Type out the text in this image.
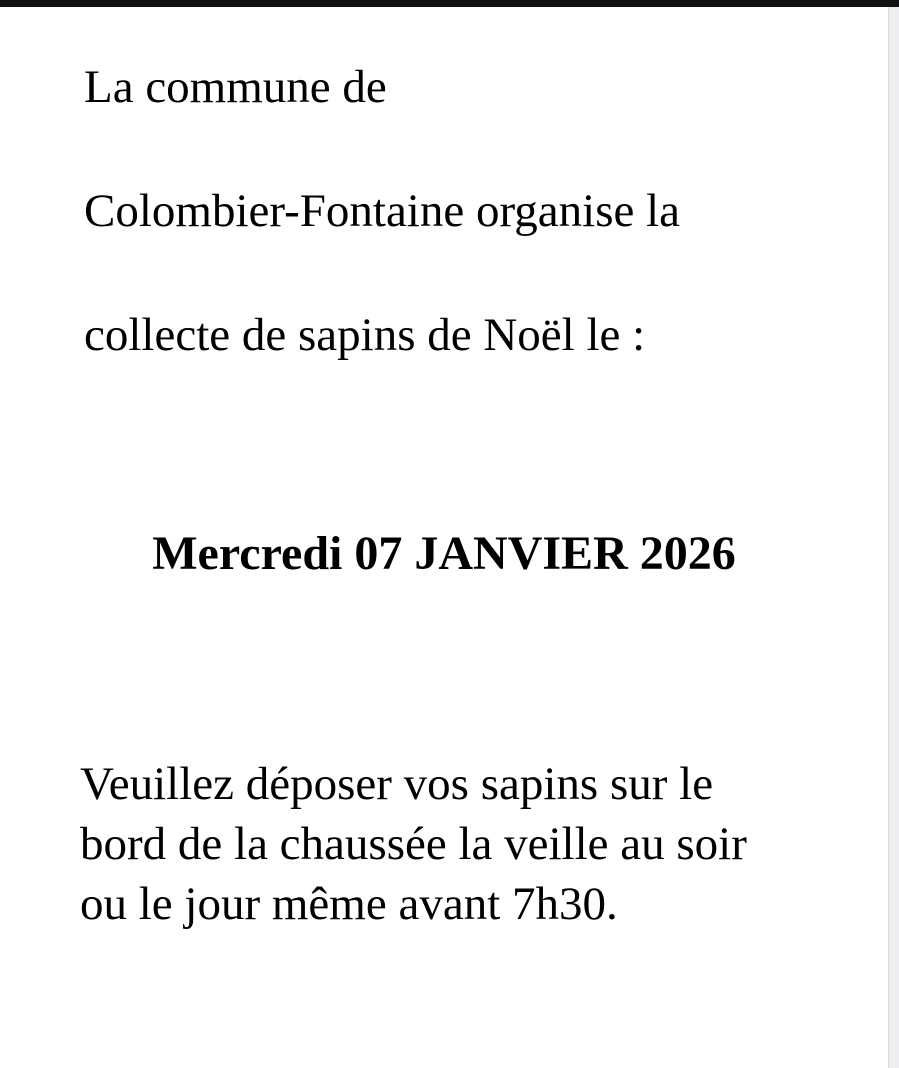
La commune de

Colombier-Fontaine organise la

collecte de sapins de Noël le :

Mercredi 07 JANVIER 2026

Veuillez déposer vos sapins sur le

bord de la chaussée la veille au soir

ou le jour même avant 7h30.
